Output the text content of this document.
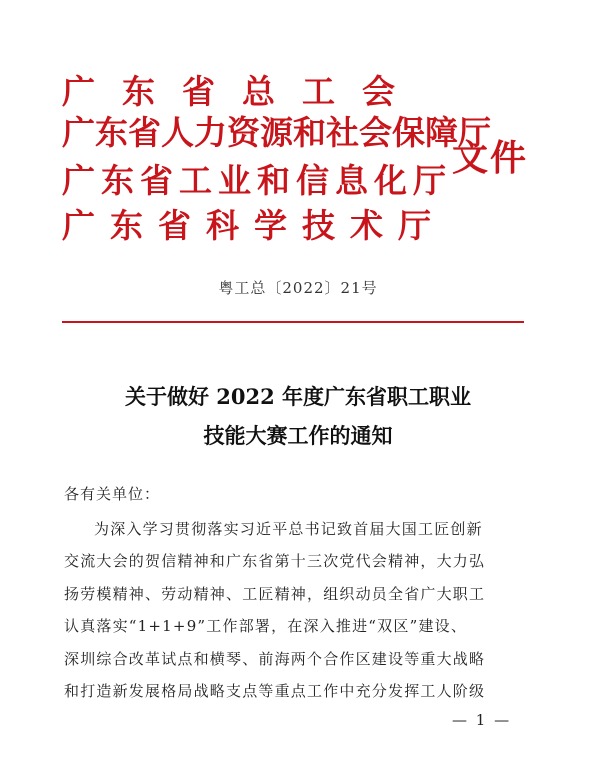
广东省总工会
广东省人力资源和社会保障厅
广东省工业和信息化厅
广东省科学技术厅
文件
粤工总〔2022〕21号
关于做好 2022 年度广东省职工职业
技能大赛工作的通知
各有关单位：
为深入学习贯彻落实习近平总书记致首届大国工匠创新
交流大会的贺信精神和广东省第十三次党代会精神，大力弘
扬劳模精神、劳动精神、工匠精神，组织动员全省广大职工
认真落实“1+1+9”工作部署，在深入推进“双区”建设、
深圳综合改革试点和横琴、前海两个合作区建设等重大战略
和打造新发展格局战略支点等重点工作中充分发挥工人阶级
— 1 —
